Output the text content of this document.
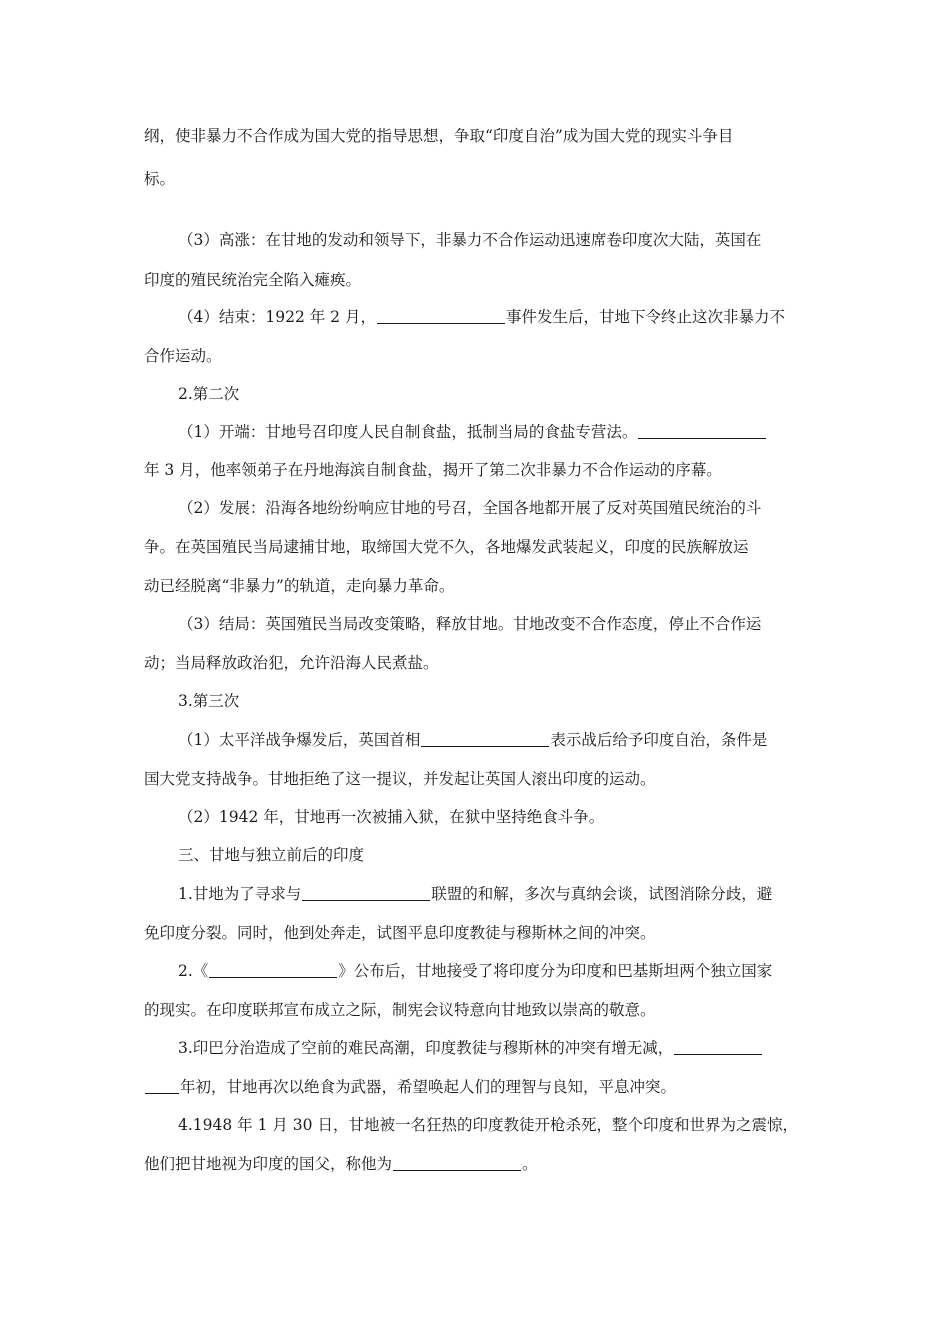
纲，使非暴力不合作成为国大党的指导思想，争取“印度自治”成为国大党的现实斗争目
标。
（3）高涨：在甘地的发动和领导下，非暴力不合作运动迅速席卷印度次大陆，英国在
印度的殖民统治完全陷入瘫痪。
（4）结束：1922 年 2 月，	事件发生后，甘地下令终止这次非暴力不
合作运动。
2.第二次
（1）开端：甘地号召印度人民自制食盐，抵制当局的食盐专营法。
年 3 月，他率领弟子在丹地海滨自制食盐，揭开了第二次非暴力不合作运动的序幕。
（2）发展：沿海各地纷纷响应甘地的号召，全国各地都开展了反对英国殖民统治的斗
争。在英国殖民当局逮捕甘地，取缔国大党不久，各地爆发武装起义，印度的民族解放运
动已经脱离“非暴力”的轨道，走向暴力革命。
（3）结局：英国殖民当局改变策略，释放甘地。甘地改变不合作态度，停止不合作运
动；当局释放政治犯，允许沿海人民煮盐。
3.第三次
（1）太平洋战争爆发后，英国首相	表示战后给予印度自治，条件是
国大党支持战争。甘地拒绝了这一提议，并发起让英国人滚出印度的运动。
（2）1942 年，甘地再一次被捕入狱，在狱中坚持绝食斗争。
三、甘地与独立前后的印度
1.甘地为了寻求与	联盟的和解，多次与真纳会谈，试图消除分歧，避
免印度分裂。同时，他到处奔走，试图平息印度教徒与穆斯林之间的冲突。
2.《	》公布后，甘地接受了将印度分为印度和巴基斯坦两个独立国家
的现实。在印度联邦宣布成立之际，制宪会议特意向甘地致以崇高的敬意。
3.印巴分治造成了空前的难民高潮，印度教徒与穆斯林的冲突有增无减，
年初，甘地再次以绝食为武器，希望唤起人们的理智与良知，平息冲突。
4.1948 年 1 月 30 日，甘地被一名狂热的印度教徒开枪杀死，整个印度和世界为之震惊，
他们把甘地视为印度的国父，称他为	。
